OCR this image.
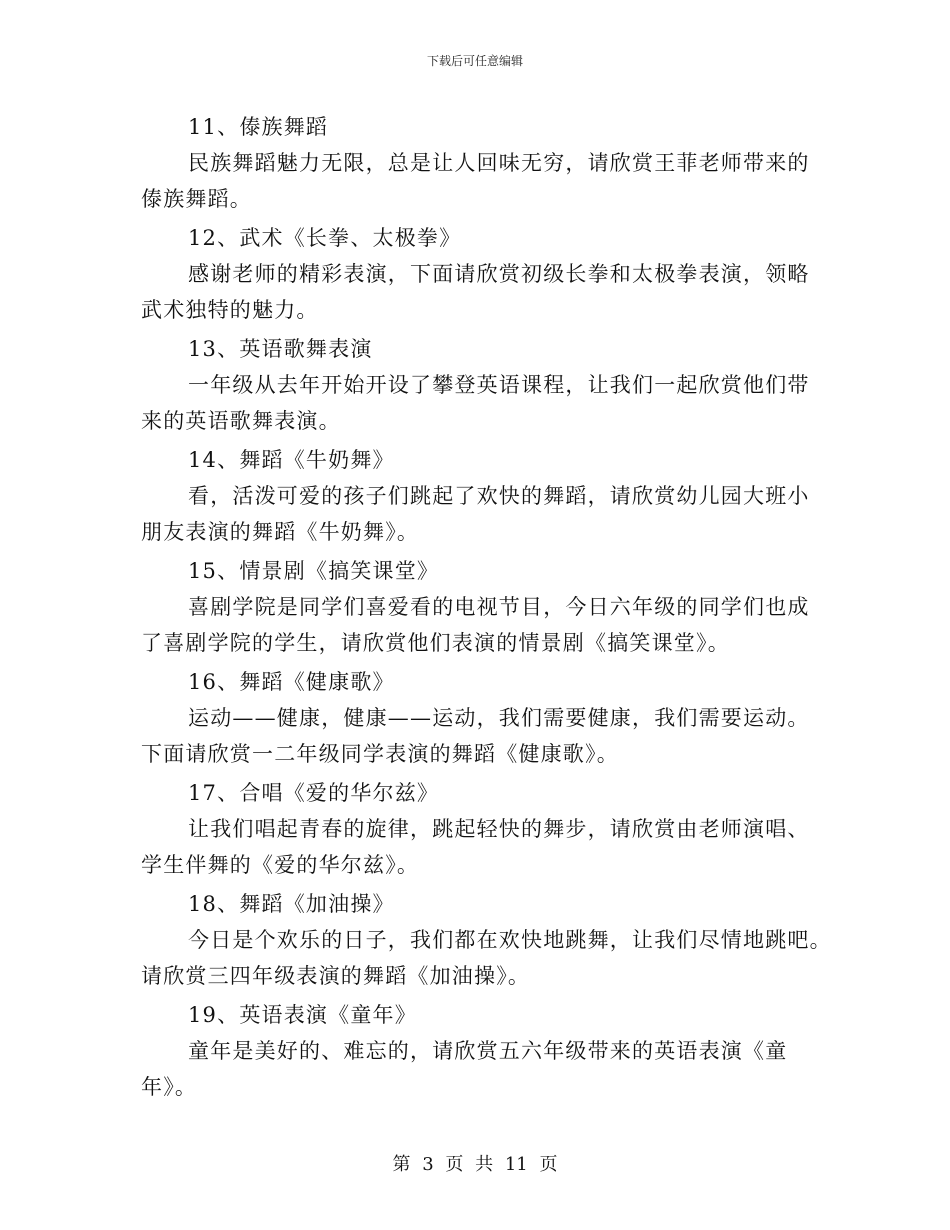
下载后可任意编辑
11、傣族舞蹈
民族舞蹈魅力无限，总是让人回味无穷，请欣赏王菲老师带来的
傣族舞蹈。
12、武术《长拳、太极拳》
感谢老师的精彩表演，下面请欣赏初级长拳和太极拳表演，领略
武术独特的魅力。
13、英语歌舞表演
一年级从去年开始开设了攀登英语课程，让我们一起欣赏他们带
来的英语歌舞表演。
14、舞蹈《牛奶舞》
看，活泼可爱的孩子们跳起了欢快的舞蹈，请欣赏幼儿园大班小
朋友表演的舞蹈《牛奶舞》。
15、情景剧《搞笑课堂》
喜剧学院是同学们喜爱看的电视节目，今日六年级的同学们也成
了喜剧学院的学生，请欣赏他们表演的情景剧《搞笑课堂》。
16、舞蹈《健康歌》
运动——健康，健康——运动，我们需要健康，我们需要运动。
下面请欣赏一二年级同学表演的舞蹈《健康歌》。
17、合唱《爱的华尔兹》
让我们唱起青春的旋律，跳起轻快的舞步，请欣赏由老师演唱、
学生伴舞的《爱的华尔兹》。
18、舞蹈《加油操》
今日是个欢乐的日子，我们都在欢快地跳舞，让我们尽情地跳吧。
请欣赏三四年级表演的舞蹈《加油操》。
19、英语表演《童年》
童年是美好的、难忘的，请欣赏五六年级带来的英语表演《童
年》。
第 3 页 共 11 页
